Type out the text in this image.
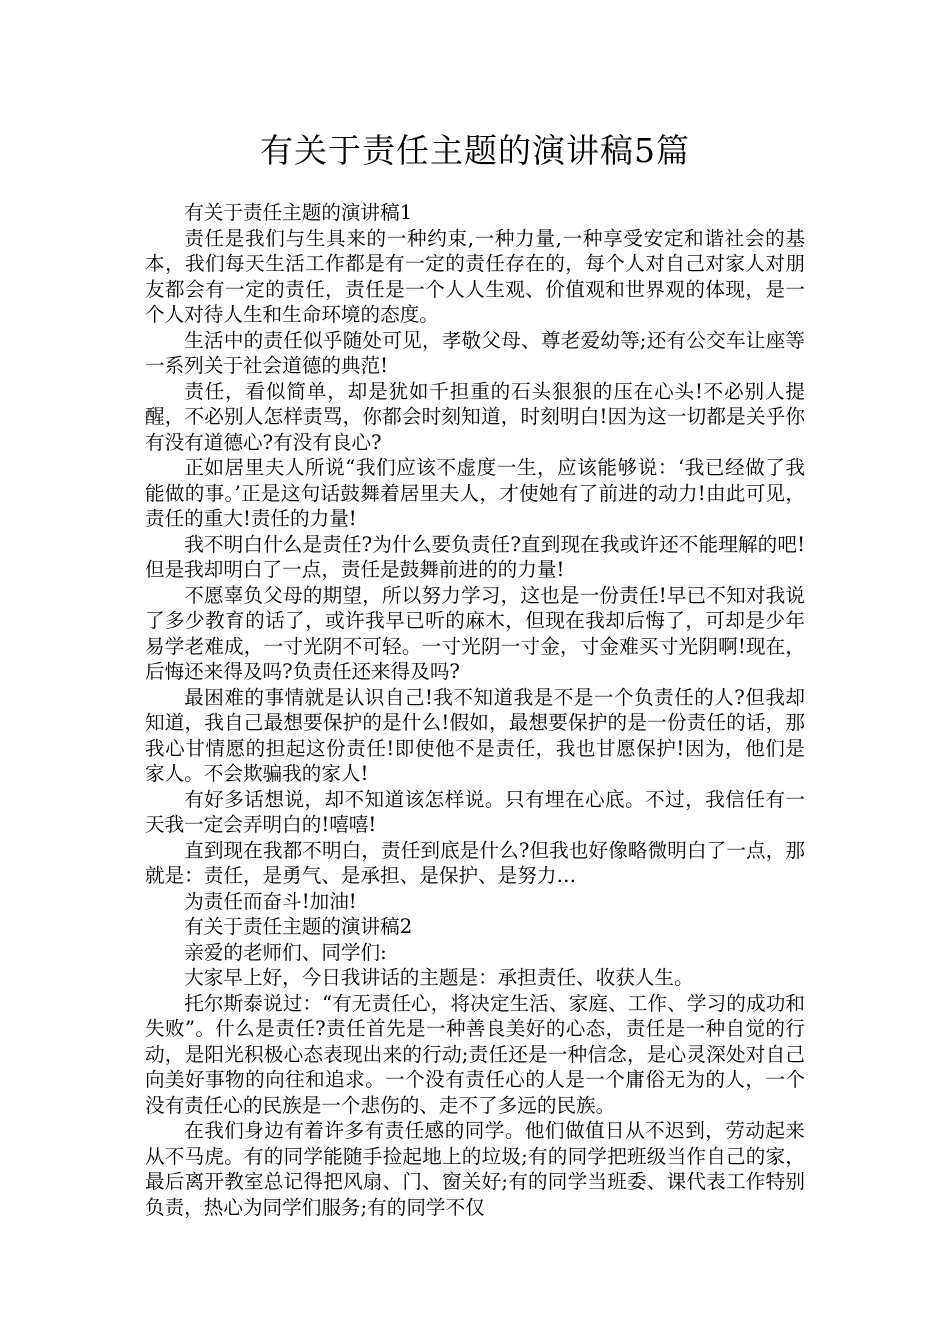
有关于责任主题的演讲稿5篇

有关于责任主题的演讲稿1

责任是我们与生具来的一种约束,一种力量,一种享受安定和谐社会的基本，我们每天生活工作都是有一定的责任存在的，每个人对自己对家人对朋友都会有一定的责任，责任是一个人人生观、价值观和世界观的体现，是一个人对待人生和生命环境的态度。

生活中的责任似乎随处可见，孝敬父母、尊老爱幼等;还有公交车让座等一系列关于社会道德的典范!

责任，看似简单，却是犹如千担重的石头狠狠的压在心头!不必别人提醒，不必别人怎样责骂，你都会时刻知道，时刻明白!因为这一切都是关乎你有没有道德心?有没有良心?

正如居里夫人所说“我们应该不虚度一生，应该能够说：‘我已经做了我能做的事。’正是这句话鼓舞着居里夫人，才使她有了前进的动力!由此可见，责任的重大!责任的力量!

我不明白什么是责任?为什么要负责任?直到现在我或许还不能理解的吧!但是我却明白了一点，责任是鼓舞前进的的力量!

不愿辜负父母的期望，所以努力学习，这也是一份责任!早已不知对我说了多少教育的话了，或许我早已听的麻木，但现在我却后悔了，可却是少年易学老难成，一寸光阴不可轻。一寸光阴一寸金，寸金难买寸光阴啊!现在，后悔还来得及吗?负责任还来得及吗?

最困难的事情就是认识自己!我不知道我是不是一个负责任的人?但我却知道，我自己最想要保护的是什么!假如，最想要保护的是一份责任的话，那我心甘情愿的担起这份责任!即使他不是责任，我也甘愿保护!因为，他们是家人。不会欺骗我的家人!

有好多话想说，却不知道该怎样说。只有埋在心底。不过，我信任有一天我一定会弄明白的!嘻嘻!

直到现在我都不明白，责任到底是什么?但我也好像略微明白了一点，那就是：责任，是勇气、是承担、是保护、是努力…

为责任而奋斗!加油!

有关于责任主题的演讲稿2

亲爱的老师们、同学们:

大家早上好，今日我讲话的主题是：承担责任、收获人生。

托尔斯泰说过：“有无责任心，将决定生活、家庭、工作、学习的成功和失败”。什么是责任?责任首先是一种善良美好的心态，责任是一种自觉的行动，是阳光积极心态表现出来的行动;责任还是一种信念，是心灵深处对自己向美好事物的向往和追求。一个没有责任心的人是一个庸俗无为的人，一个没有责任心的民族是一个悲伤的、走不了多远的民族。

在我们身边有着许多有责任感的同学。他们做值日从不迟到，劳动起来从不马虎。有的同学能随手捡起地上的垃圾;有的同学把班级当作自己的家，最后离开教室总记得把风扇、门、窗关好;有的同学当班委、课代表工作特别负责，热心为同学们服务;有的同学不仅
